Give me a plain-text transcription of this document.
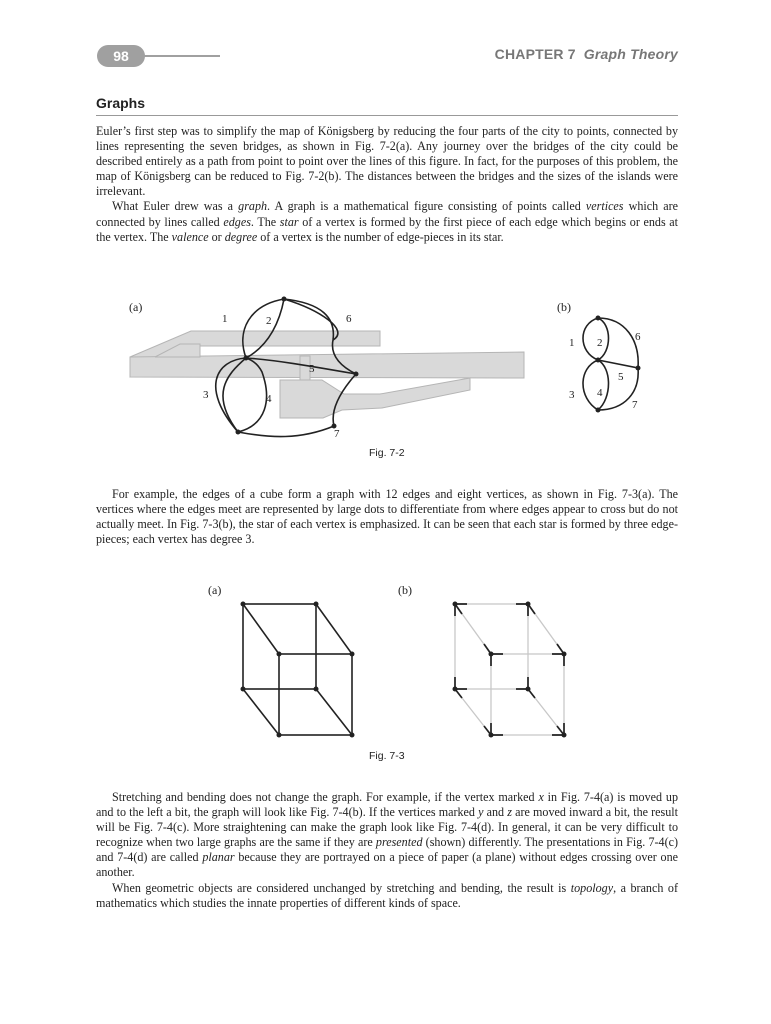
98	CHAPTER 7 Graph Theory
Graphs

Euler’s first step was to simplify the map of Königsberg by reducing the four parts of the city to points, connected by lines representing the seven bridges, as shown in Fig. 7-2(a). Any journey over the bridges of the city could be described entirely as a path from point to point over the lines of this figure. In fact, for the purposes of this problem, the map of Königsberg can be reduced to Fig. 7-2(b). The distances between the bridges and the sizes of the islands were irrelevant.

What Euler drew was a graph. A graph is a mathematical figure consisting of points called vertices which are connected by lines called edges. The star of a vertex is formed by the first piece of each edge which begins or ends at the vertex. The valence or degree of a vertex is the number of edge-pieces in its star.

(a)
1	2
3	4
5
6
7
(b)
1 2
3 4
5
6
7
Fig. 7-2

For example, the edges of a cube form a graph with 12 edges and eight vertices, as shown in Fig. 7-3(a). The vertices where the edges meet are represented by large dots to differentiate from where edges appear to cross but do not actually meet. In Fig. 7-3(b), the star of each vertex is emphasized. It can be seen that each star is formed by three edge-pieces; each vertex has degree 3.

(a)	(b)
Fig. 7-3

Stretching and bending does not change the graph. For example, if the vertex marked x in Fig. 7-4(a) is moved up and to the left a bit, the graph will look like Fig. 7-4(b). If the vertices marked y and z are moved inward a bit, the result will be Fig. 7-4(c). More straightening can make the graph look like Fig. 7-4(d). In general, it can be very difficult to recognize when two large graphs are the same if they are presented (shown) differently. The presentations in Fig. 7-4(c) and 7-4(d) are called planar because they are portrayed on a piece of paper (a plane) without edges crossing over one another.

When geometric objects are considered unchanged by stretching and bending, the result is topology, a branch of mathematics which studies the innate properties of different kinds of space.
